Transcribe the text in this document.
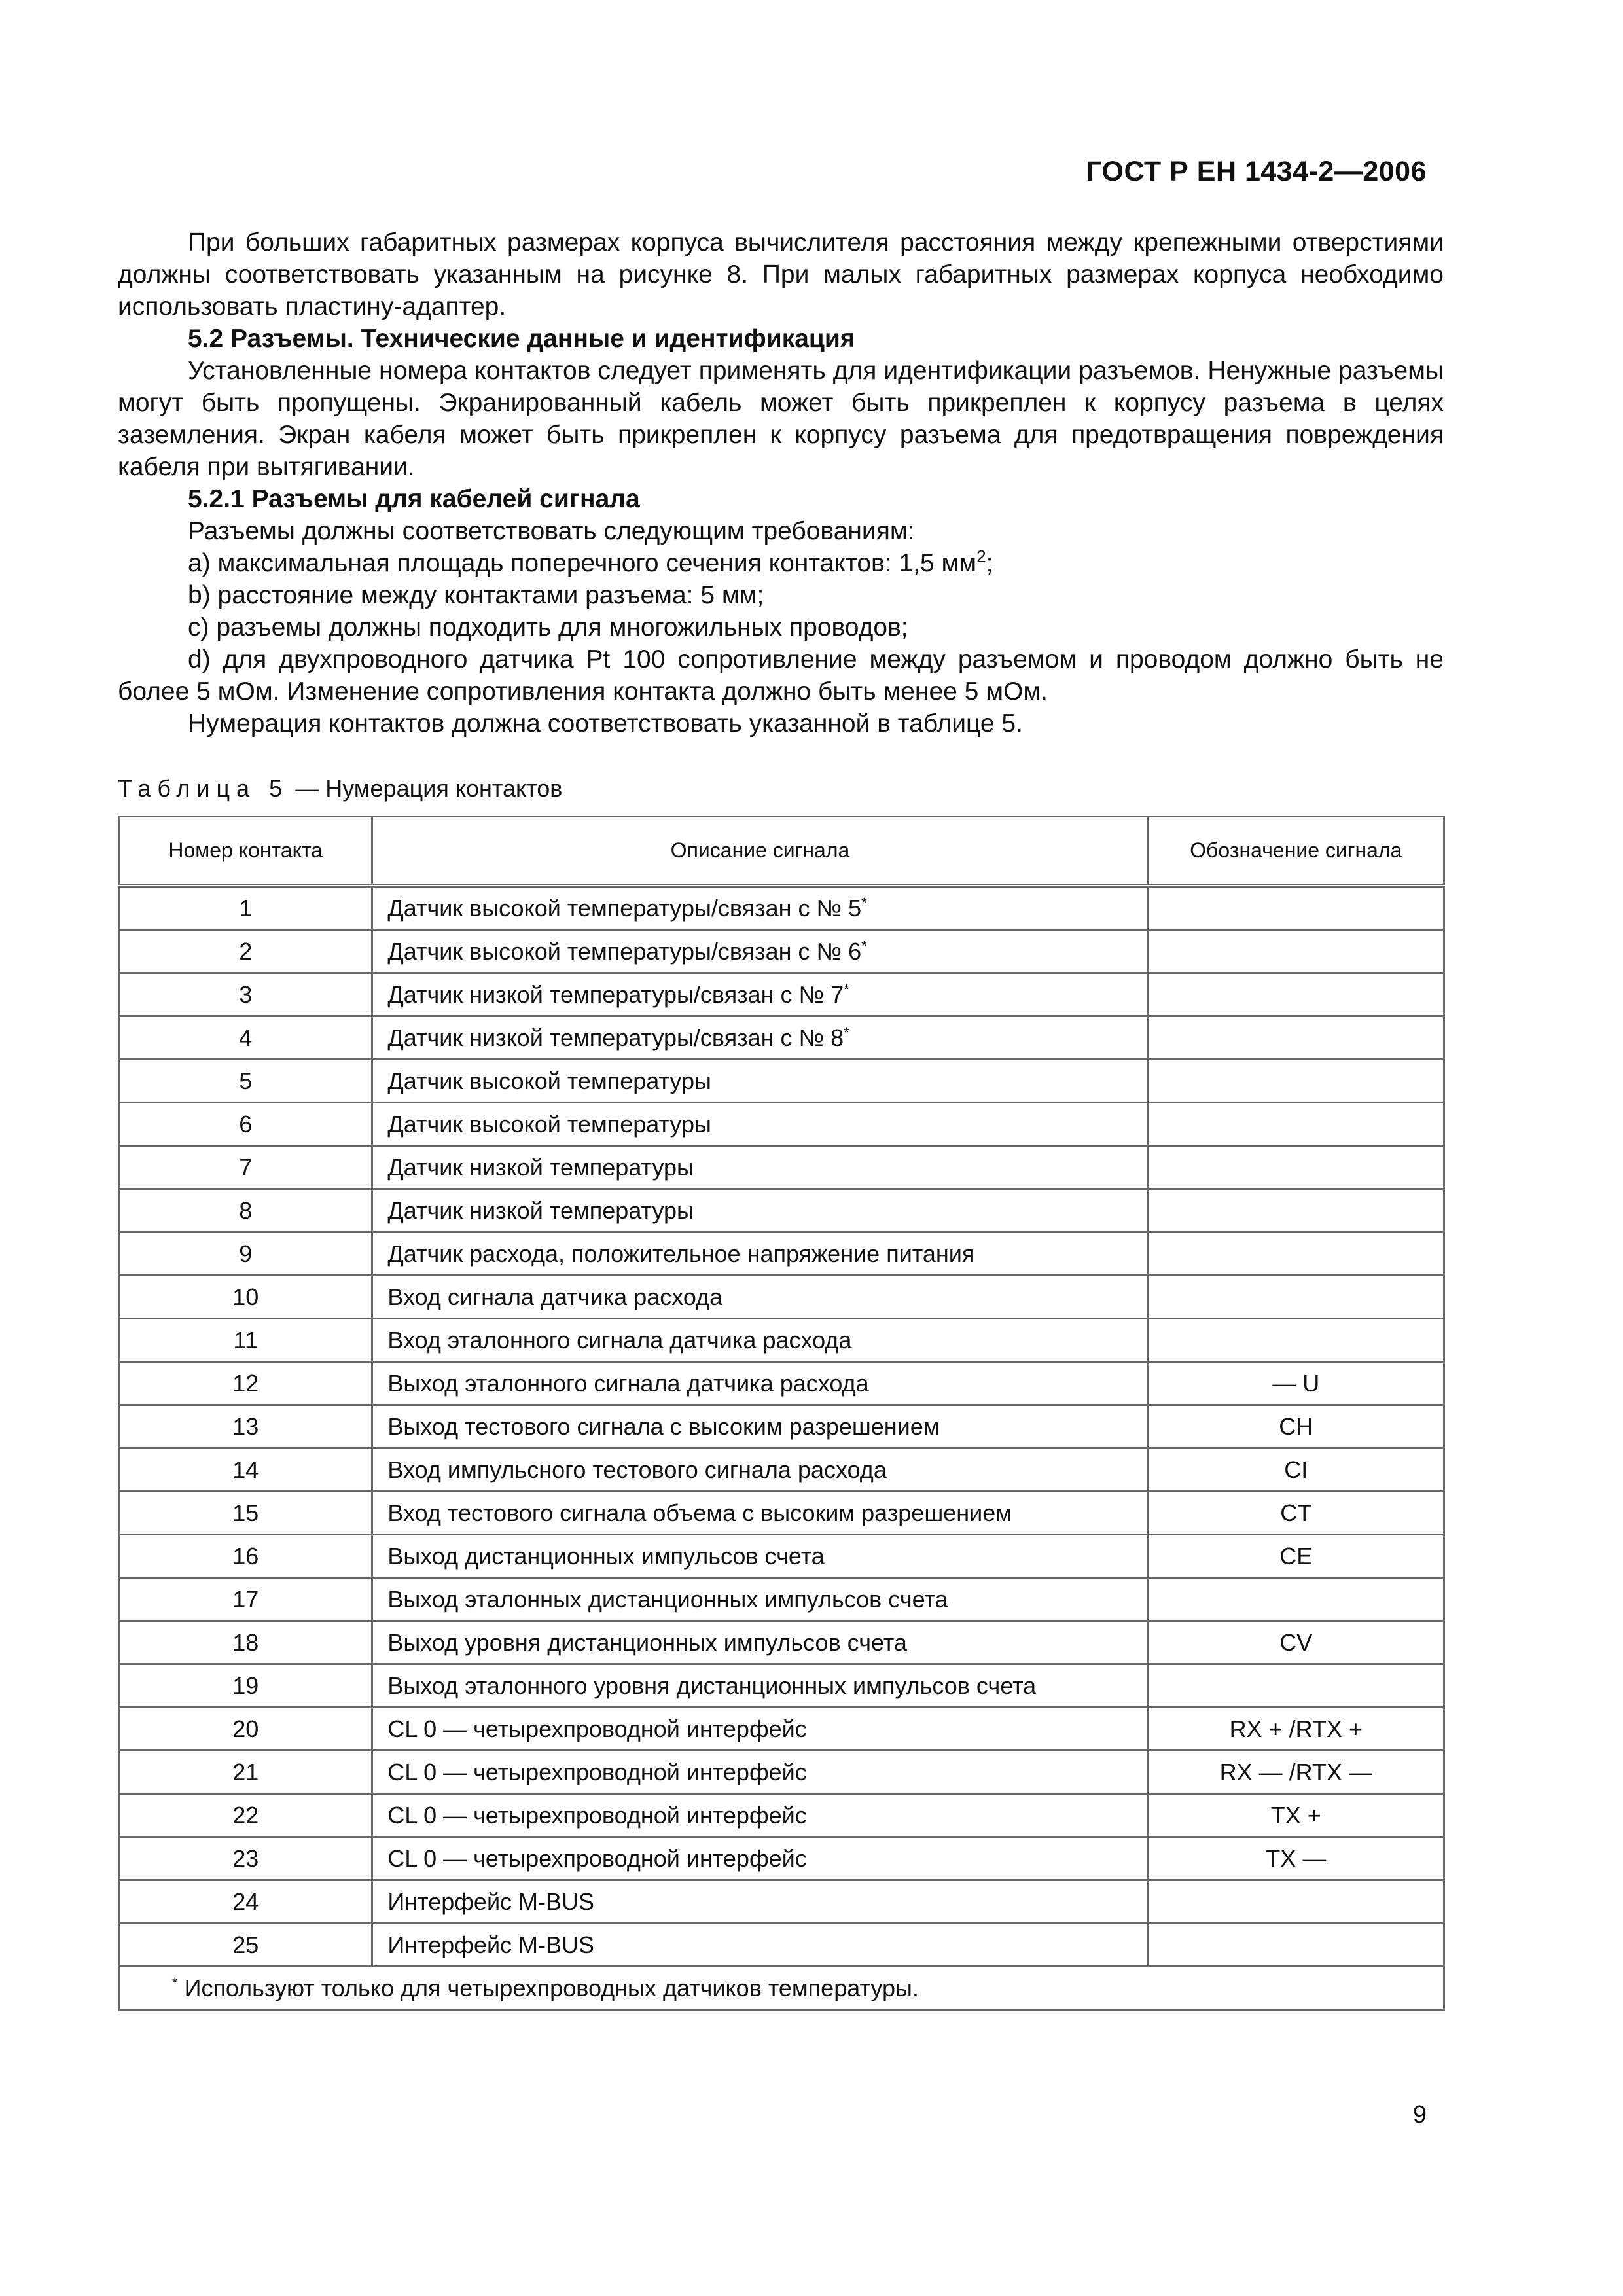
ГОСТ Р ЕН 1434-2—2006

При больших габаритных размерах корпуса вычислителя расстояния между крепежными отверстиями должны соответствовать указанным на рисунке 8. При малых габаритных размерах корпуса необходимо использовать пластину-адаптер.

5.2 Разъемы. Технические данные и идентификация

Установленные номера контактов следует применять для идентификации разъемов. Ненужные разъемы могут быть пропущены. Экранированный кабель может быть прикреплен к корпусу разъема в целях заземления. Экран кабеля может быть прикреплен к корпусу разъема для предотвращения повреждения кабеля при вытягивании.

5.2.1 Разъемы для кабелей сигнала

Разъемы должны соответствовать следующим требованиям:

а) максимальная площадь поперечного сечения контактов: 1,5 $мм^2$;

b) расстояние между контактами разъема: 5 мм;

с) разъемы должны подходить для многожильных проводов;

d) для двухпроводного датчика Pt 100 сопротивление между разъемом и проводом должно быть не более 5 мОм. Изменение сопротивления контакта должно быть менее 5 мОм.

Нумерация контактов должна соответствовать указанной в таблице 5.

Таблица 5 — Нумерация контактов
Номер контакта	Описание сигнала	Обозначение сигнала
1	Датчик высокой температуры/связан с № 5*	
2	Датчик высокой температуры/связан с № 6*	
3	Датчик низкой температуры/связан с № 7*	
4	Датчик низкой температуры/связан с № 8*	
5	Датчик высокой температуры	
6	Датчик высокой температуры	
7	Датчик низкой температуры	
8	Датчик низкой температуры	
9	Датчик расхода, положительное напряжение питания	
10	Вход сигнала датчика расхода	
11	Вход эталонного сигнала датчика расхода	
12	Выход эталонного сигнала датчика расхода	— U
13	Выход тестового сигнала с высоким разрешением	CH
14	Вход импульсного тестового сигнала расхода	CI
15	Вход тестового сигнала объема с высоким разрешением	CT
16	Выход дистанционных импульсов счета	CE
17	Выход эталонных дистанционных импульсов счета	
18	Выход уровня дистанционных импульсов счета	CV
19	Выход эталонного уровня дистанционных импульсов счета	
20	CL 0 — четырехпроводной интерфейс	RX + /RTX +
21	CL 0 — четырехпроводной интерфейс	RX — /RTX —
22	CL 0 — четырехпроводной интерфейс	TX +
23	CL 0 — четырехпроводной интерфейс	TX —
24	Интерфейс M-BUS	
25	Интерфейс M-BUS	
* Используют только для четырехпроводных датчиков температуры.		
9
